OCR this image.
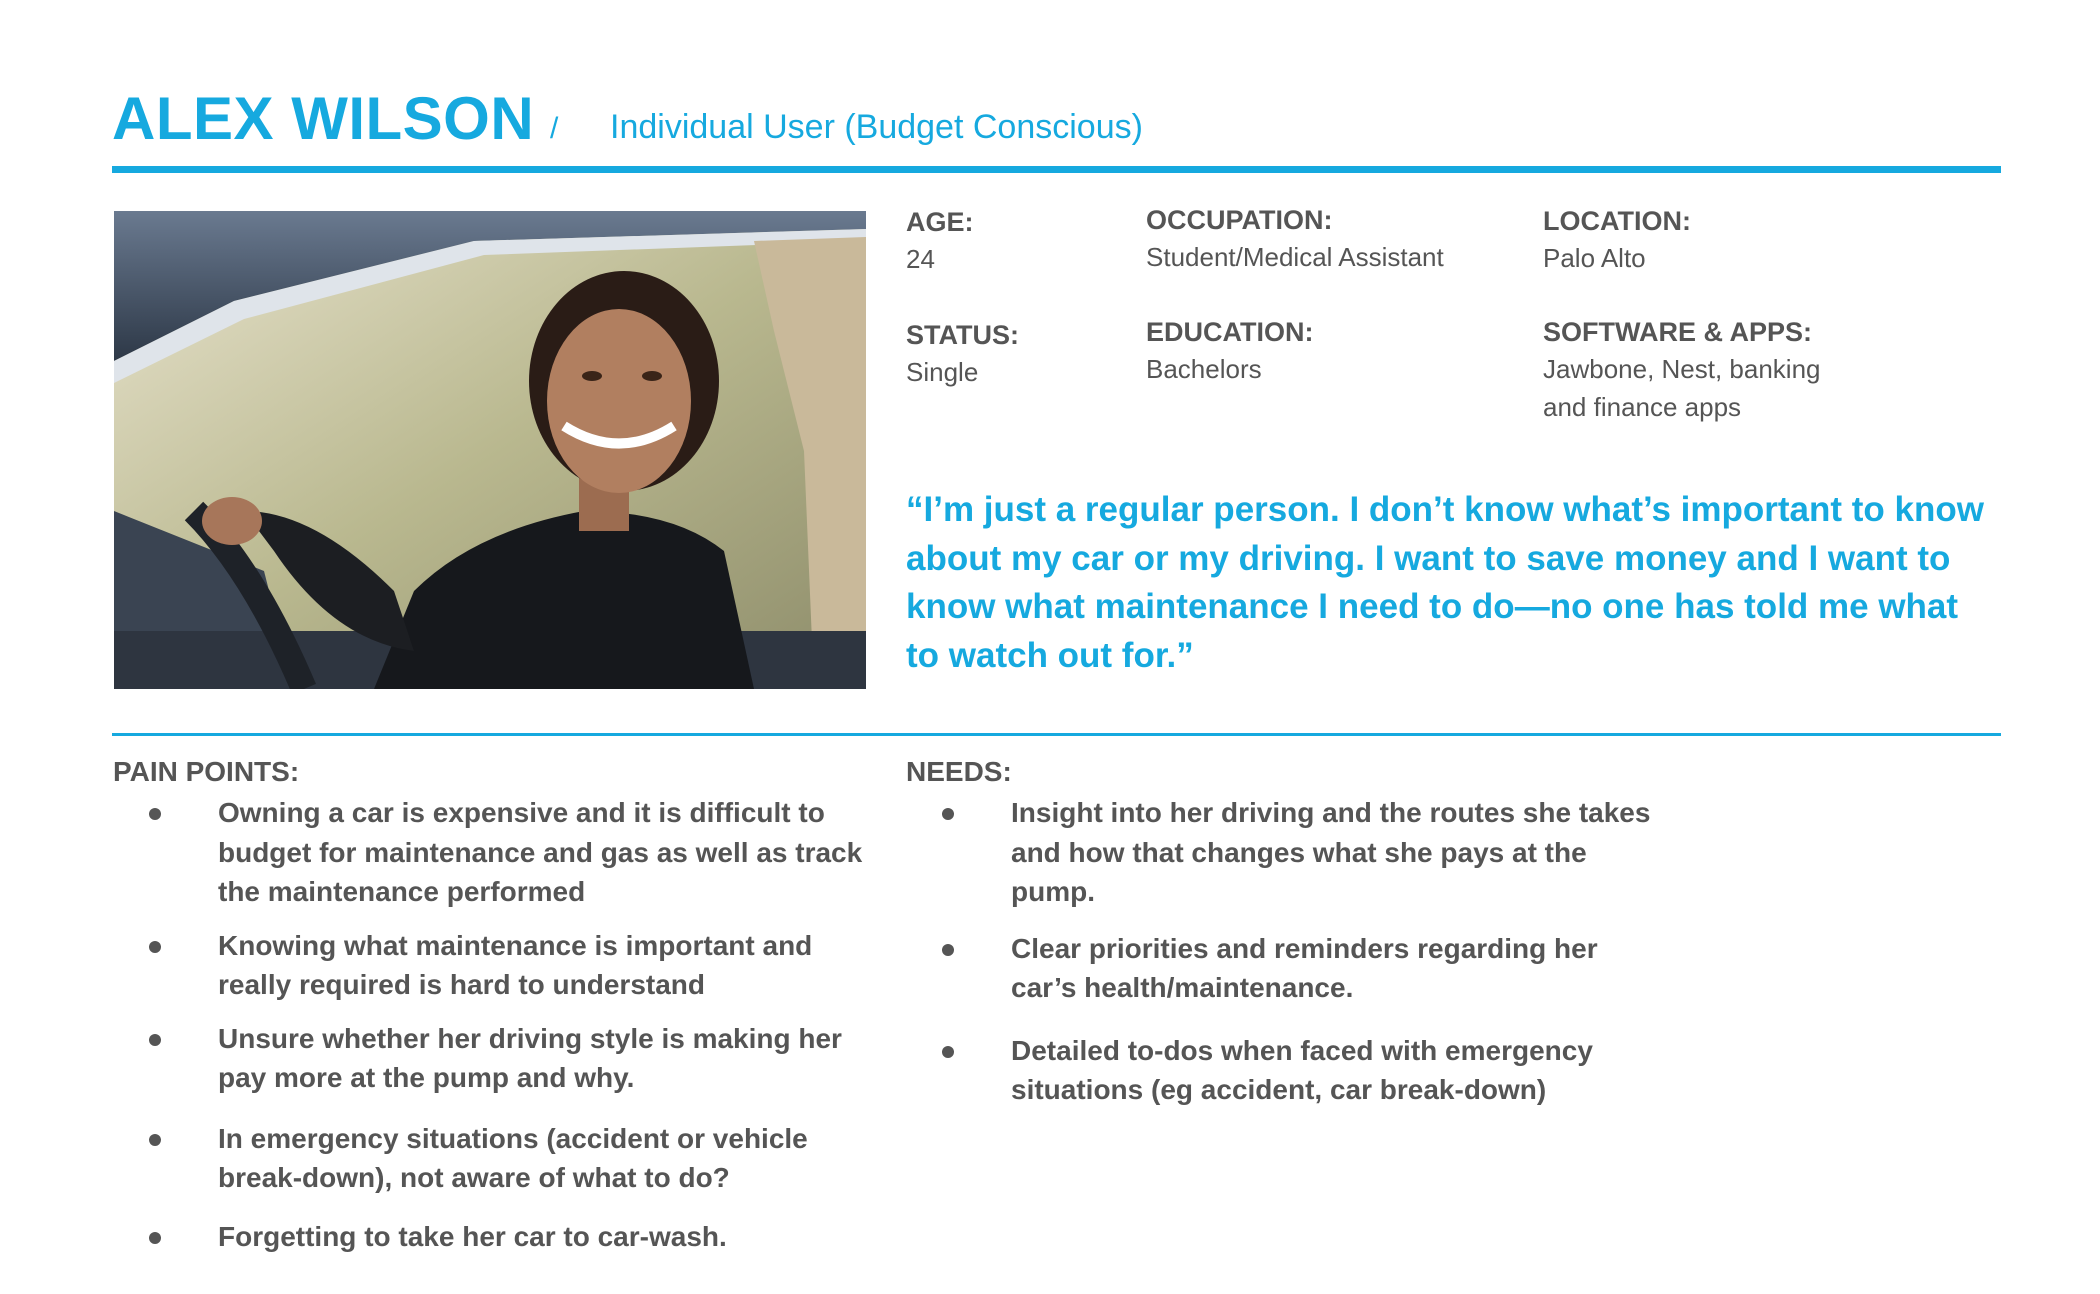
ALEX WILSON / Individual User (Budget Conscious)
AGE:
24
OCCUPATION:
Student/Medical Assistant
LOCATION:
Palo Alto
STATUS:
Single
EDUCATION:
Bachelors
SOFTWARE & APPS:
Jawbone, Nest, banking
and finance apps
“I’m just a regular person. I don’t know what’s important to know about my car or my driving. I want to save money and I want to know what maintenance I need to do—no one has told me what to watch out for.”
PAIN POINTS:
Owning a car is expensive and it is difficult to budget for maintenance and gas as well as track the maintenance performed
Knowing what maintenance is important and really required is hard to understand
Unsure whether her driving style is making her pay more at the pump and why.
In emergency situations (accident or vehicle break-down), not aware of what to do?
Forgetting to take her car to car-wash.
NEEDS:
Insight into her driving and the routes she takes and how that changes what she pays at the pump.
Clear priorities and reminders regarding her car’s health/maintenance.
Detailed to-dos when faced with emergency situations (eg accident, car break-down)
